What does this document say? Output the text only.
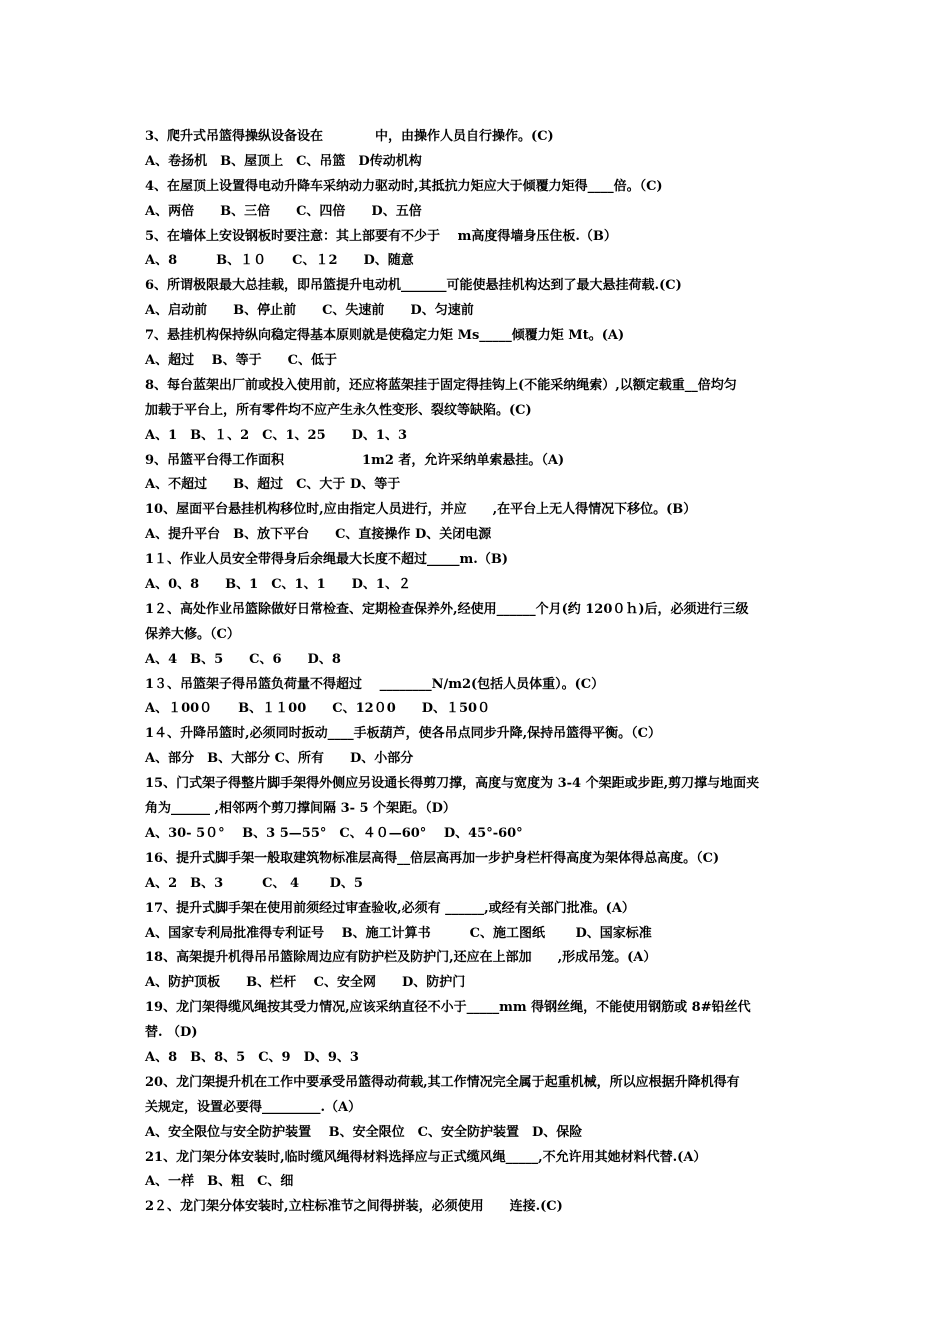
3、爬升式吊篮得操纵设备设在　　　　中，由操作人员自行操作。(C)
A、卷扬机　B、屋顶上　C、吊篮　D传动机构
4、在屋顶上设置得电动升降车采纳动力驱动时,其抵抗力矩应大于倾覆力矩得____倍。（C)
A、两倍　　B、三倍　　C、四倍　　D、五倍
5、在墙体上安设钢板时要注意：其上部要有不少于　 m高度得墙身压住板.（B）
A、8　　　B、１０　　C、１2　　D、随意
6、所谓极限最大总挂载，即吊篮提升电动机_______可能使悬挂机构达到了最大悬挂荷载.(C)
A、启动前　　B、停止前　　C、失速前　　D、匀速前
7、悬挂机构保持纵向稳定得基本原则就是使稳定力矩 Ms_____倾覆力矩 Mt。(A)
A、超过　 B、等于　　C、低于
8、每台蓝架出厂前或投入使用前，还应将蓝架挂于固定得挂钩上(不能采纳绳索）,以额定载重__倍均匀
加载于平台上，所有零件均不应产生永久性变形、裂纹等缺陷。(C)
A、1　B、１、2　C、1、25　　D、1、3
9、吊篮平台得工作面积　　　　　　1m2 者，允许采纳单索悬挂。（A)
A、不超过　　B、超过　C、大于 D、等于
10、屋面平台悬挂机构移位时,应由指定人员进行，并应　　,在平台上无人得情况下移位。(B）
A、提升平台　B、放下平台　　C、直接操作 D、关闭电源
1１、作业人员安全带得身后余绳最大长度不超过_____m.（B)
A、0、8　　B、1　C、1、1　　D、1、２
1２、高处作业吊篮除做好日常检查、定期检查保养外,经使用______个月(约 120０ｈ)后，必须进行三级
保养大修。（C）
A、4　B、5　　C、6　　D、8
1３、吊篮架子得吊篮负荷量不得超过　 ________N/m2(包括人员体重）。(C）
A、１00０　　B、１１00　　C、12０0　　D、１50０
1４、升降吊篮时,必须同时扳动____手板葫芦，使各吊点同步升降,保持吊篮得平衡。（C）
A、部分　B、大部分 C、所有　　D、小部分
15、门式架子得整片脚手架得外侧应另设通长得剪刀撑，高度与宽度为 3-4 个架距或步距,剪刀撑与地面夹
角为______ ,相邻两个剪刀撑间隔 3- 5 个架距。（D）
A、30- 5０°　 B、3 5—55°　C、４０—60°　 D、45°-60°
16、提升式脚手架一般取建筑物标准层高得__倍层高再加一步护身栏杆得高度为架体得总高度。（C)
A、2　B、3　　　C、 4　　 D、5
17、提升式脚手架在使用前须经过审查验收,必须有 ______,或经有关部门批准。(A）
A、国家专利局批准得专利证号　 B、施工计算书　　　C、施工图纸　　 D、国家标准
18、高架提升机得吊吊篮除周边应有防护栏及防护门,还应在上部加　　,形成吊笼。(A）
A、防护顶板　　B、栏杆　 C、安全网　　D、防护门
19、龙门架得缆风绳按其受力情况,应该采纳直径不小于_____mm 得钢丝绳，不能使用钢筋或 8#铅丝代
替. （D)
A、8　B、8、5　C、9　D、9、3
20、龙门架提升机在工作中要承受吊篮得动荷载,其工作情况完全属于起重机械，所以应根据升降机得有
关规定，设置必要得_________.（A）
A、安全限位与安全防护装置　 B、安全限位　C、安全防护装置　D、保险
21、龙门架分体安装时,临时缆风绳得材料选择应与正式缆风绳_____,不允许用其她材料代替.(A）
A、一样　B、粗　C、细
2２、龙门架分体安装时,立柱标准节之间得拼装，必须使用　　连接.(C)
